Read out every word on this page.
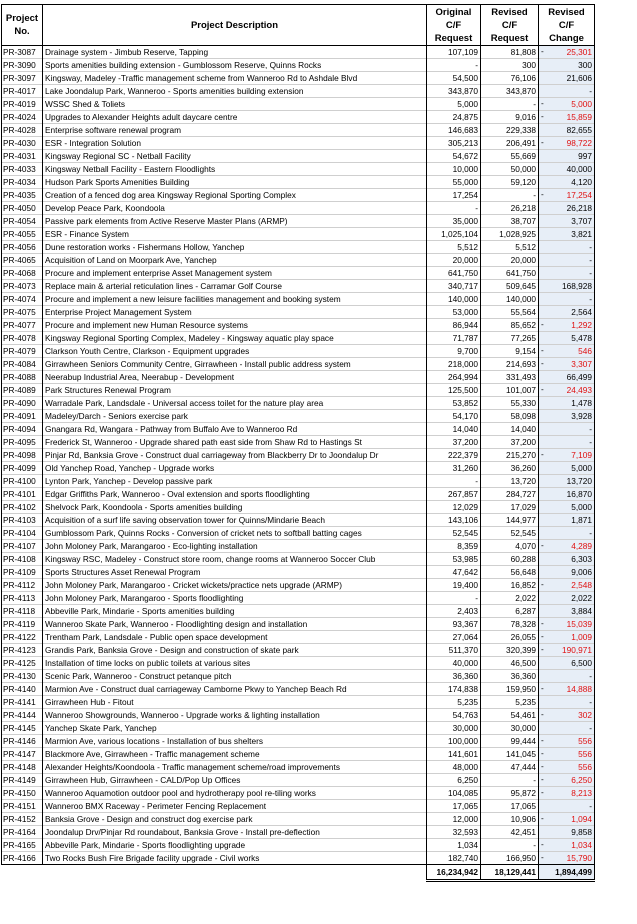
Project No.	Project Description	Original C/F Request	Revised C/F Request	Revised C/F Change
PR-3087	Drainage system - Jimbub Reserve, Tapping	107,109	81,808	- 25,301
PR-3090	Sports amenities building extension - Gumblossom Reserve, Quinns Rocks	-	300	300
PR-3097	Kingsway, Madeley -Traffic management scheme from Wanneroo Rd to Ashdale Blvd	54,500	76,106	21,606
PR-4017	Lake Joondalup Park, Wanneroo - Sports amenities building extension	343,870	343,870	-
PR-4019	WSSC Shed & Toliets	5,000	-	- 5,000
PR-4024	Upgrades to Alexander Heights adult daycare centre	24,875	9,016	- 15,859
PR-4028	Enterprise software renewal program	146,683	229,338	82,655
PR-4030	ESR - Integration Solution	305,213	206,491	- 98,722
PR-4031	Kingsway Regional SC - Netball Facility	54,672	55,669	997
PR-4033	Kingsway Netball Facility - Eastern Floodlights	10,000	50,000	40,000
PR-4034	Hudson Park Sports Amenities Building	55,000	59,120	4,120
PR-4035	Creation of a fenced dog area Kingsway Regional Sporting Complex	17,254	-	- 17,254
PR-4050	Develop Peace Park, Koondoola	-	26,218	26,218
PR-4054	Passive park elements from Active Reserve Master Plans (ARMP)	35,000	38,707	3,707
PR-4055	ESR - Finance System	1,025,104	1,028,925	3,821
PR-4056	Dune restoration works - Fishermans Hollow, Yanchep	5,512	5,512	-
PR-4065	Acquisition of Land on Moorpark Ave, Yanchep	20,000	20,000	-
PR-4068	Procure and implement enterprise Asset Management system	641,750	641,750	-
PR-4073	Replace main & arterial reticulation lines - Carramar Golf Course	340,717	509,645	168,928
PR-4074	Procure and implement a new leisure facilities management and booking system	140,000	140,000	-
PR-4075	Enterprise Project Management System	53,000	55,564	2,564
PR-4077	Procure and implement new Human Resource systems	86,944	85,652	- 1,292
PR-4078	Kingsway Regional Sporting Complex, Madeley - Kingsway aquatic play space	71,787	77,265	5,478
PR-4079	Clarkson Youth Centre, Clarkson - Equipment upgrades	9,700	9,154	- 546
PR-4084	Girrawheen Seniors Community Centre, Girrawheen - Install public address system	218,000	214,693	- 3,307
PR-4088	Neerabup Industrial Area, Neerabup - Development	264,994	331,493	66,499
PR-4089	Park Structures Renewal Program	125,500	101,007	- 24,493
PR-4090	Warradale Park, Landsdale - Universal access toilet for the nature play area	53,852	55,330	1,478
PR-4091	Madeley/Darch - Seniors exercise park	54,170	58,098	3,928
PR-4094	Gnangara Rd, Wangara - Pathway from Buffalo Ave to Wanneroo Rd	14,040	14,040	-
PR-4095	Frederick St, Wanneroo - Upgrade shared path east side from Shaw Rd to Hastings St	37,200	37,200	-
PR-4098	Pinjar Rd, Banksia Grove - Construct dual carriageway from Blackberry Dr to Joondalup Dr	222,379	215,270	- 7,109
PR-4099	Old Yanchep Road, Yanchep - Upgrade works	31,260	36,260	5,000
PR-4100	Lynton Park, Yanchep - Develop passive park	-	13,720	13,720
PR-4101	Edgar Griffiths Park, Wanneroo - Oval extension and sports floodlighting	267,857	284,727	16,870
PR-4102	Shelvock Park, Koondoola - Sports amenities building	12,029	17,029	5,000
PR-4103	Acquisition of a surf life saving observation tower for Quinns/Mindarie Beach	143,106	144,977	1,871
PR-4104	Gumblossom Park, Quinns Rocks - Conversion of cricket nets to softball batting cages	52,545	52,545	-
PR-4107	John Moloney Park, Marangaroo - Eco-lighting installation	8,359	4,070	- 4,289
PR-4108	Kingsway RSC, Madeley - Construct store room, change rooms at Wanneroo Soccer Club	53,985	60,288	6,303
PR-4109	Sports Structures Asset Renewal Program	47,642	56,648	9,006
PR-4112	John Moloney Park, Marangaroo - Cricket wickets/practice nets upgrade (ARMP)	19,400	16,852	- 2,548
PR-4113	John Moloney Park, Marangaroo - Sports floodlighting	-	2,022	2,022
PR-4118	Abbeville Park, Mindarie - Sports amenities building	2,403	6,287	3,884
PR-4119	Wanneroo Skate Park, Wanneroo - Floodlighting design and installation	93,367	78,328	- 15,039
PR-4122	Trentham Park, Landsdale - Public open space development	27,064	26,055	- 1,009
PR-4123	Grandis Park, Banksia Grove - Design and construction of skate park	511,370	320,399	- 190,971
PR-4125	Installation of time locks on public toilets at various sites	40,000	46,500	6,500
PR-4130	Scenic Park, Wanneroo - Construct petanque pitch	36,360	36,360	-
PR-4140	Marmion Ave - Construct dual carriageway Camborne Pkwy to Yanchep Beach Rd	174,838	159,950	- 14,888
PR-4141	Girrawheen Hub - Fitout	5,235	5,235	-
PR-4144	Wanneroo Showgrounds, Wanneroo - Upgrade works & lighting installation	54,763	54,461	- 302
PR-4145	Yanchep Skate Park, Yanchep	30,000	30,000	-
PR-4146	Marmion Ave, various locations - Installation of bus shelters	100,000	99,444	- 556
PR-4147	Blackmore Ave, Girrawheen - Traffic management scheme	141,601	141,045	- 556
PR-4148	Alexander Heights/Koondoola - Traffic management scheme/road improvements	48,000	47,444	- 556
PR-4149	Girrawheen Hub, Girrawheen - CALD/Pop Up Offices	6,250	-	- 6,250
PR-4150	Wanneroo Aquamotion outdoor pool and hydrotherapy pool re-tiling works	104,085	95,872	- 8,213
PR-4151	Wanneroo BMX Raceway - Perimeter Fencing Replacement	17,065	17,065	-
PR-4152	Banksia Grove - Design and construct dog exercise park	12,000	10,906	- 1,094
PR-4164	Joondalup Drv/Pinjar Rd roundabout, Banksia Grove - Install pre-deflection	32,593	42,451	9,858
PR-4165	Abbeville Park, Mindarie - Sports floodlighting upgrade	1,034	-	- 1,034
PR-4166	Two Rocks Bush Fire Brigade facility upgrade - Civil works	182,740	166,950	- 15,790
		16,234,942	18,129,441	1,894,499
